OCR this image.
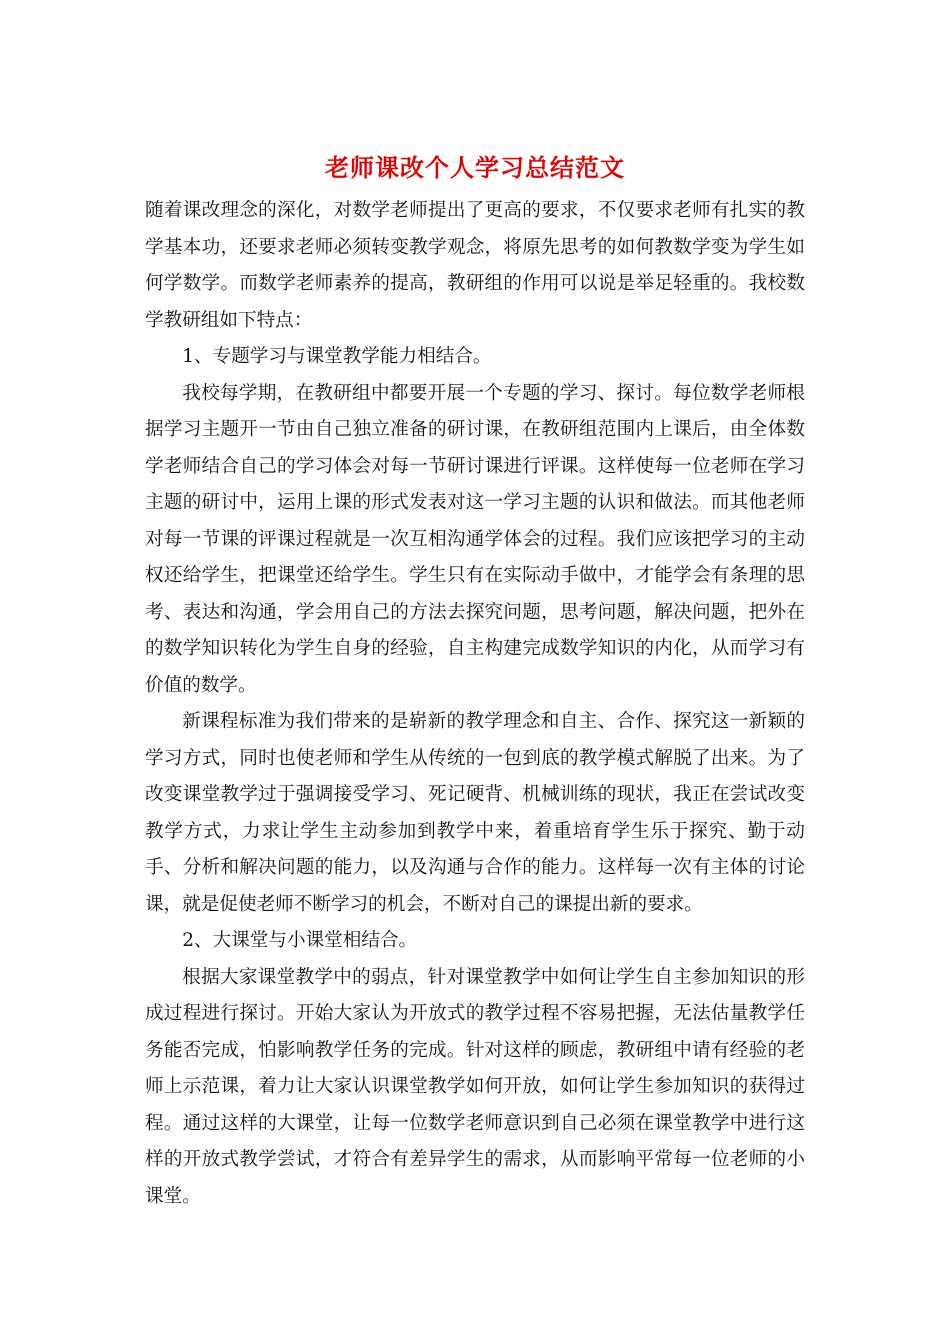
老师课改个人学习总结范文

随着课改理念的深化，对数学老师提出了更高的要求，不仅要求老师有扎实的教学基本功，还要求老师必须转变教学观念，将原先思考的如何教数学变为学生如何学数学。而数学老师素养的提高，教研组的作用可以说是举足轻重的。我校数学教研组如下特点：

1、专题学习与课堂教学能力相结合。

我校每学期，在教研组中都要开展一个专题的学习、探讨。每位数学老师根据学习主题开一节由自己独立准备的研讨课，在教研组范围内上课后，由全体数学老师结合自己的学习体会对每一节研讨课进行评课。这样使每一位老师在学习主题的研讨中，运用上课的形式发表对这一学习主题的认识和做法。而其他老师对每一节课的评课过程就是一次互相沟通学体会的过程。我们应该把学习的主动权还给学生，把课堂还给学生。学生只有在实际动手做中，才能学会有条理的思考、表达和沟通，学会用自己的方法去探究问题，思考问题，解决问题，把外在的数学知识转化为学生自身的经验，自主构建完成数学知识的内化，从而学习有价值的数学。

新课程标准为我们带来的是崭新的教学理念和自主、合作、探究这一新颖的学习方式，同时也使老师和学生从传统的一包到底的教学模式解脱了出来。为了改变课堂教学过于强调接受学习、死记硬背、机械训练的现状，我正在尝试改变教学方式，力求让学生主动参加到教学中来，着重培育学生乐于探究、勤于动手、分析和解决问题的能力，以及沟通与合作的能力。这样每一次有主体的讨论课，就是促使老师不断学习的机会，不断对自己的课提出新的要求。

2、大课堂与小课堂相结合。

根据大家课堂教学中的弱点，针对课堂教学中如何让学生自主参加知识的形成过程进行探讨。开始大家认为开放式的教学过程不容易把握，无法估量教学任务能否完成，怕影响教学任务的完成。针对这样的顾虑，教研组中请有经验的老师上示范课，着力让大家认识课堂教学如何开放，如何让学生参加知识的获得过程。通过这样的大课堂，让每一位数学老师意识到自己必须在课堂教学中进行这样的开放式教学尝试，才符合有差异学生的需求，从而影响平常每一位老师的小课堂。
